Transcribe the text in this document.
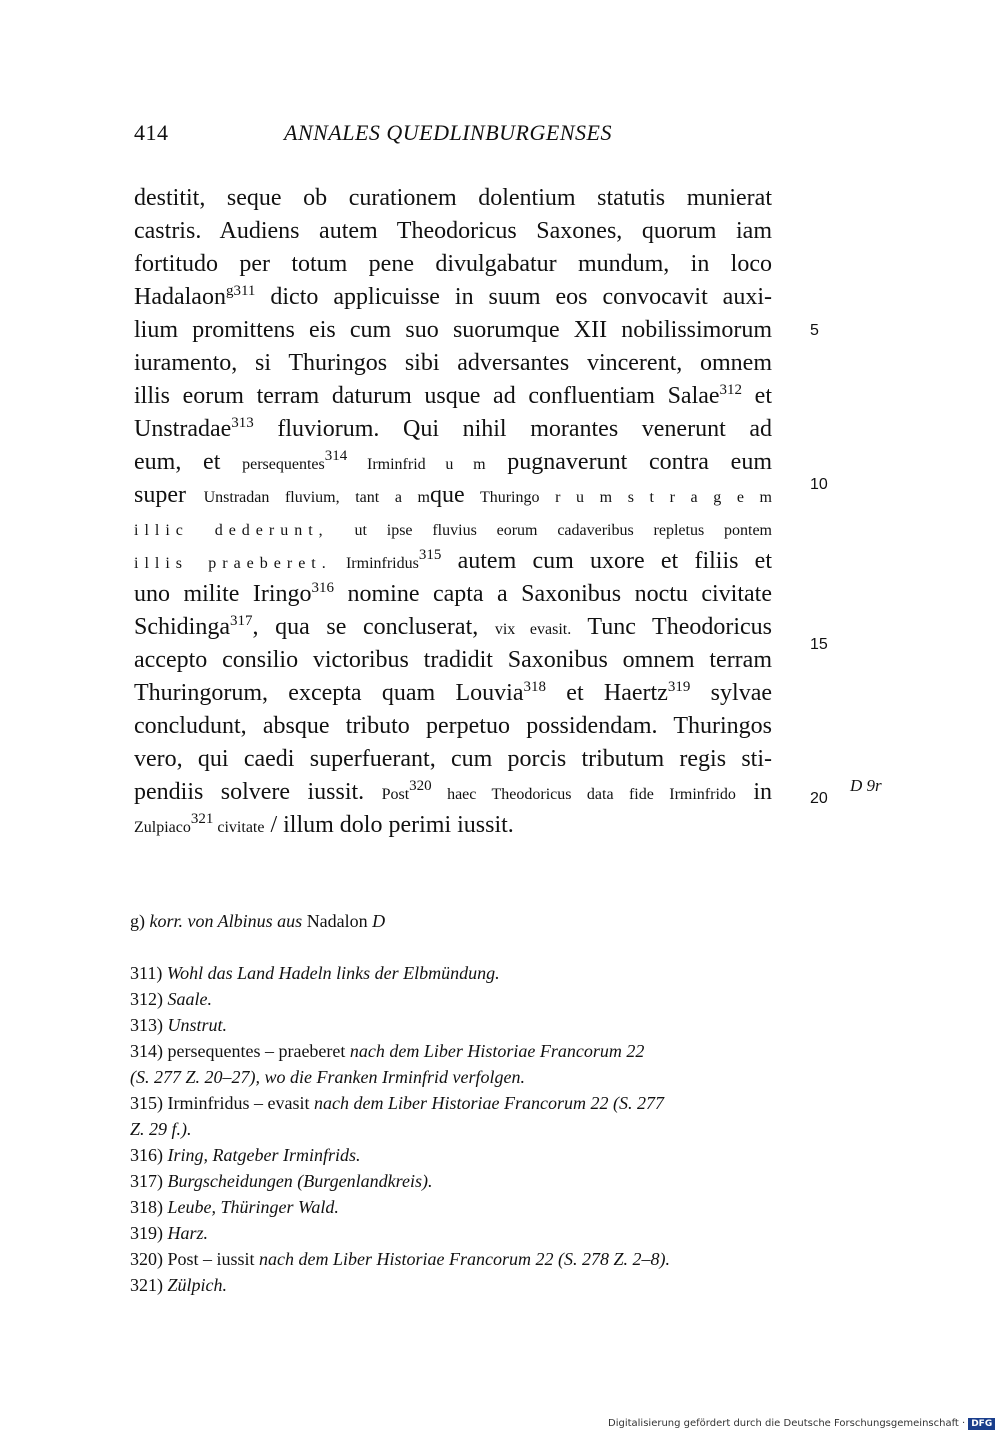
414	ANNALES QUEDLINBURGENSES
destitit, seque ob curationem dolentium statutis munierat
castris. Audiens autem Theodoricus Saxones, quorum iam
fortitudo per totum pene divulgabatur mundum, in loco
Hadalaon$^{g311}$ dicto applicuisse in suum eos convocavit auxi-
lium promittens eis cum suo suorumque XII nobilissimorum
iuramento, si Thuringos sibi adversantes vincerent, omnem
illis eorum terram daturum usque ad confluentiam Salae$^{312}$ et
Unstradae$^{313}$ fluviorum. Qui nihil morantes venerunt ad
eum, et persequentes$^{314}$ Irminfrid u m pugnaverunt contra eum
super Unstradan fluvium, tant a mque Thuringo r u m s t r a g e m
illic dederunt, ut ipse fluvius eorum cadaveribus repletus pontem
illis praeberet. Irminfridus$^{315}$ autem cum uxore et filiis et
uno milite Iringo$^{316}$ nomine capta a Saxonibus noctu civitate
Schidinga$^{317}$, qua se concluserat, vix evasit. Tunc Theodoricus
accepto consilio victoribus tradidit Saxonibus omnem terram
Thuringorum, excepta quam Louvia$^{318}$ et Haertz$^{319}$ sylvae
concludunt, absque tributo perpetuo possidendam. Thuringos
vero, qui caedi superfuerant, cum porcis tributum regis sti-
pendiis solvere iussit. Post$^{320}$ haec Theodoricus data fide Irminfrido in
Zulpiaco$^{321}$ civitate / illum dolo perimi iussit.
5
10
15
20
D 9r
g) korr. von Albinus aus Nadalon D
311) Wohl das Land Hadeln links der Elbmündung.
312) Saale.
313) Unstrut.
314) persequentes – praeberet nach dem Liber Historiae Francorum 22
(S. 277 Z. 20–27), wo die Franken Irminfrid verfolgen.
315) Irminfridus – evasit nach dem Liber Historiae Francorum 22 (S. 277
Z. 29 f.).
316) Iring, Ratgeber Irminfrids.
317) Burgscheidungen (Burgenlandkreis).
318) Leube, Thüringer Wald.
319) Harz.
320) Post – iussit nach dem Liber Historiae Francorum 22 (S. 278 Z. 2–8).
321) Zülpich.
Digitalisierung gefördert durch die Deutsche Forschungsgemeinschaft · DFG
